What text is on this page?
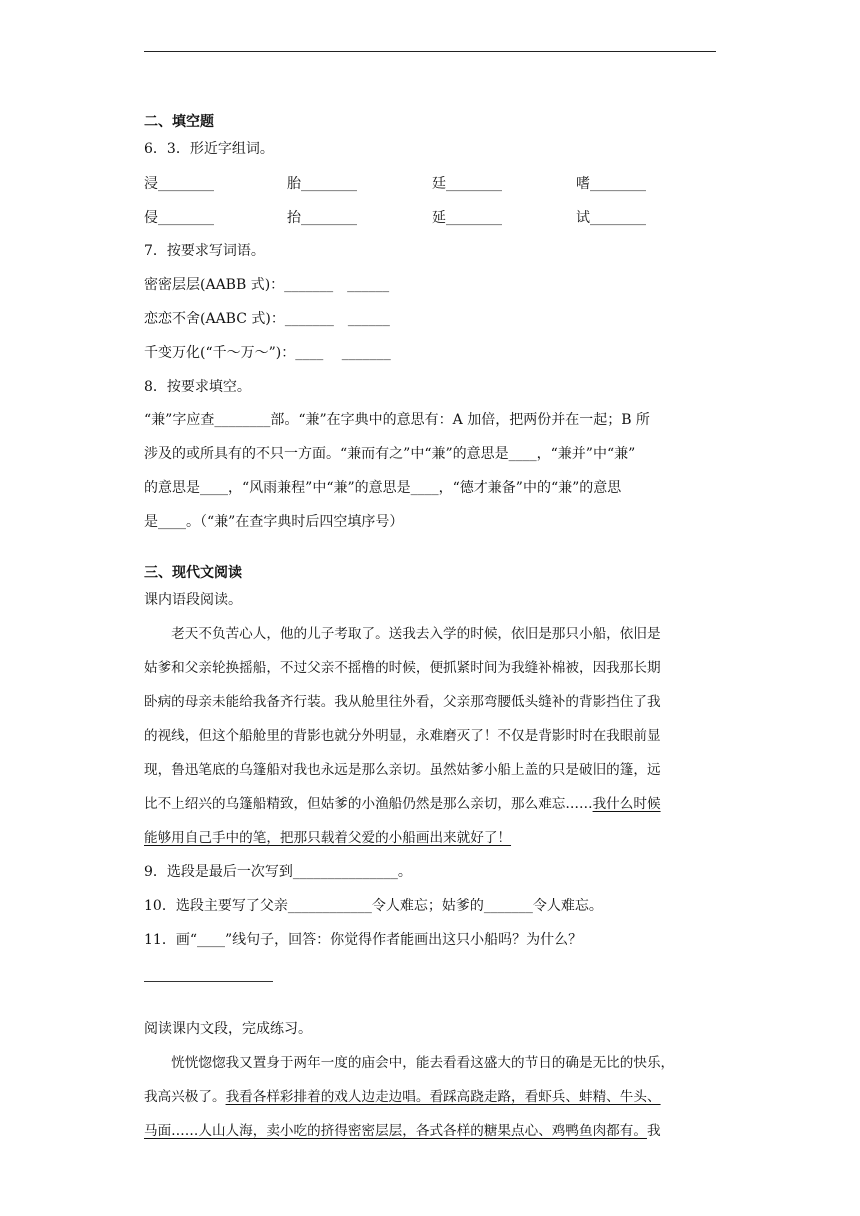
二、填空题
6．3．形近字组词。
浸________	胎________	廷________	嗜________
侵________	抬________	延________	试________
7．按要求写词语。
密密层层(AABB 式)：_______　______
恋恋不舍(AABC 式)：_______　______
千变万化(“千～万～”)：____　 _______
8．按要求填空。
“兼”字应查________部。“兼”在字典中的意思有：A 加倍，把两份并在一起；B 所
涉及的或所具有的不只一方面。“兼而有之”中“兼”的意思是____，“兼并”中“兼”
的意思是____，“风雨兼程”中“兼”的意思是____，“德才兼备”中的“兼”的意思
是____。（“兼”在查字典时后四空填序号）
三、现代文阅读
课内语段阅读。
　　老天不负苦心人，他的儿子考取了。送我去入学的时候，依旧是那只小船，依旧是
姑爹和父亲轮换摇船，不过父亲不摇橹的时候，便抓紧时间为我缝补棉被，因我那长期
卧病的母亲未能给我备齐行装。我从舱里往外看，父亲那弯腰低头缝补的背影挡住了我
的视线，但这个船舱里的背影也就分外明显，永难磨灭了！不仅是背影时时在我眼前显
现，鲁迅笔底的乌篷船对我也永远是那么亲切。虽然姑爹小船上盖的只是破旧的篷，远
比不上绍兴的乌篷船精致，但姑爹的小渔船仍然是那么亲切，那么难忘……我什么时候
能够用自己手中的笔，把那只载着父爱的小船画出来就好了！
9．选段是最后一次写到_______________。
10．选段主要写了父亲____________令人难忘；姑爹的_______令人难忘。
11．画“____”线句子，回答：你觉得作者能画出这只小船吗？为什么？
阅读课内文段，完成练习。
　　恍恍惚惚我又置身于两年一度的庙会中，能去看看这盛大的节日的确是无比的快乐，
我高兴极了。我看各样彩排着的戏人边走边唱。看踩高跷走路，看虾兵、蚌精、牛头、
马面……人山人海，卖小吃的挤得密密层层，各式各样的糖果点心、鸡鸭鱼肉都有。我
